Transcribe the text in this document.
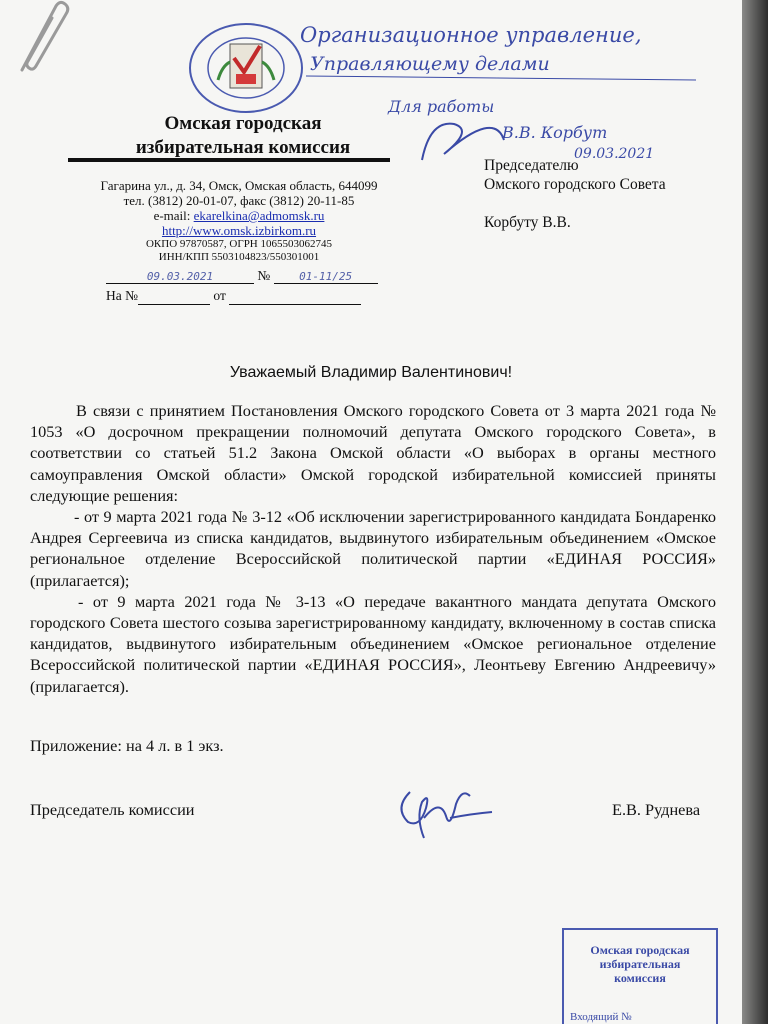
Омская городская
избирательная комиссия
Гагарина ул., д. 34, Омск, Омская область, 644099
тел. (3812) 20-01-07, факс (3812) 20-11-85
e-mail: ekarelkina@admomsk.ru
http://www.omsk.izbirkom.ru
ОКПО 97870587, ОГРН 1065503062745
ИНН/КПП 5503104823/550301001
09.03.2021	№	01-11/25
На №	от
Председателю
Омского городского Совета
Корбуту В.В.
Организационное управление,
Управляющему делами
Для работы
В.В. Корбут
09.03.2021
Уважаемый Владимир Валентинович!

В связи с принятием Постановления Омского городского Совета от 3 марта 2021 года № 1053 «О досрочном прекращении полномочий депутата Омского городского Совета», в соответствии со статьей 51.2 Закона Омской области «О выборах в органы местного самоуправления Омской области» Омской городской избирательной комиссией приняты следующие решения:

- от 9 марта 2021 года № 3-12 «Об исключении зарегистрированного кандидата Бондаренко Андрея Сергеевича из списка кандидатов, выдвинутого избирательным объединением «Омское региональное отделение Всероссийской политической партии «ЕДИНАЯ РОССИЯ» (прилагается);

- от 9 марта 2021 года № 3-13 «О передаче вакантного мандата депутата Омского городского Совета шестого созыва зарегистрированному кандидату, включенному в состав списка кандидатов, выдвинутого избирательным объединением «Омское региональное отделение Всероссийской политической партии «ЕДИНАЯ РОССИЯ», Леонтьеву Евгению Андреевичу» (прилагается).

Приложение: на 4 л. в 1 экз.
Председатель комиссии	Е.В. Руднева
Омская городская
избирательная
комиссия
Входящий №
